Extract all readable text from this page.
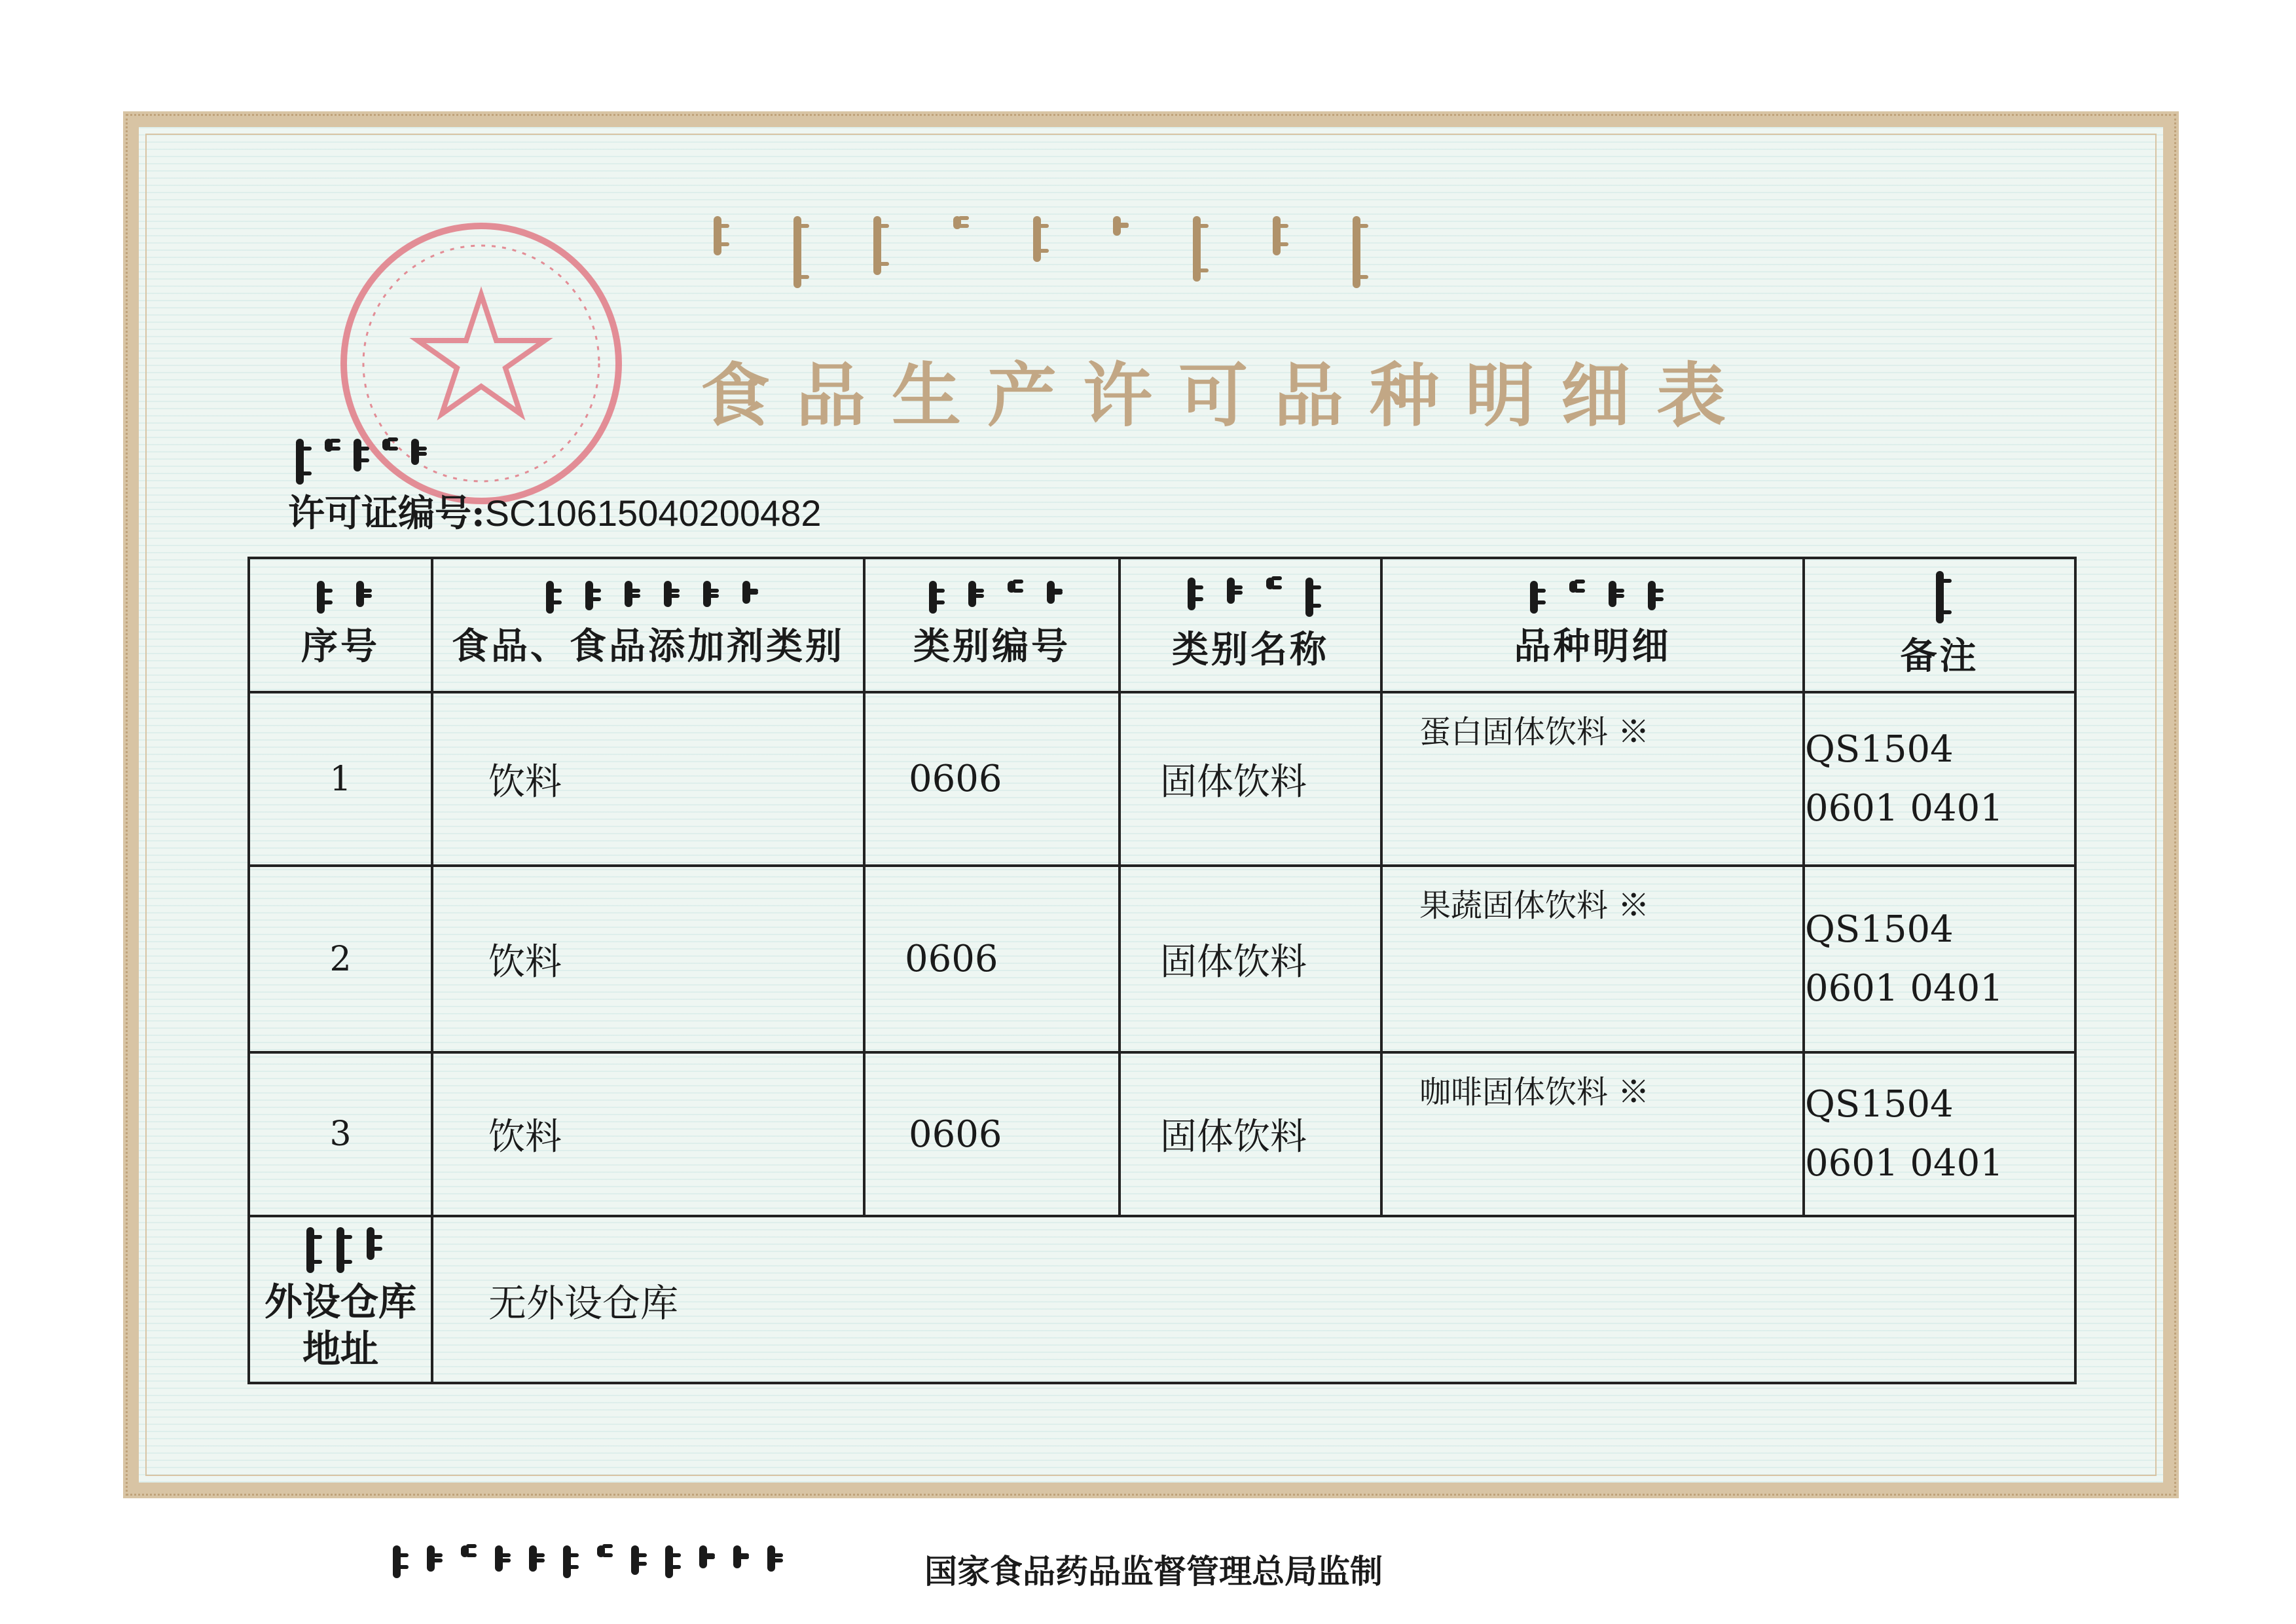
食品生产许可品种明细表
许可证编号:SC10615040200482
序号	食品、食品添加剂类别	类别编号	类别名称	品种明细	备注

1	饮料	0606	固体饮料	蛋白固体饮料 ※	QS1504
0601 0401

2	饮料	0606	固体饮料	果蔬固体饮料 ※	QS1504
0601 0401

3	饮料	0606	固体饮料	咖啡固体饮料 ※	QS1504
0601 0401

外设仓库
地址	无外设仓库				
国家食品药品监督管理总局监制
